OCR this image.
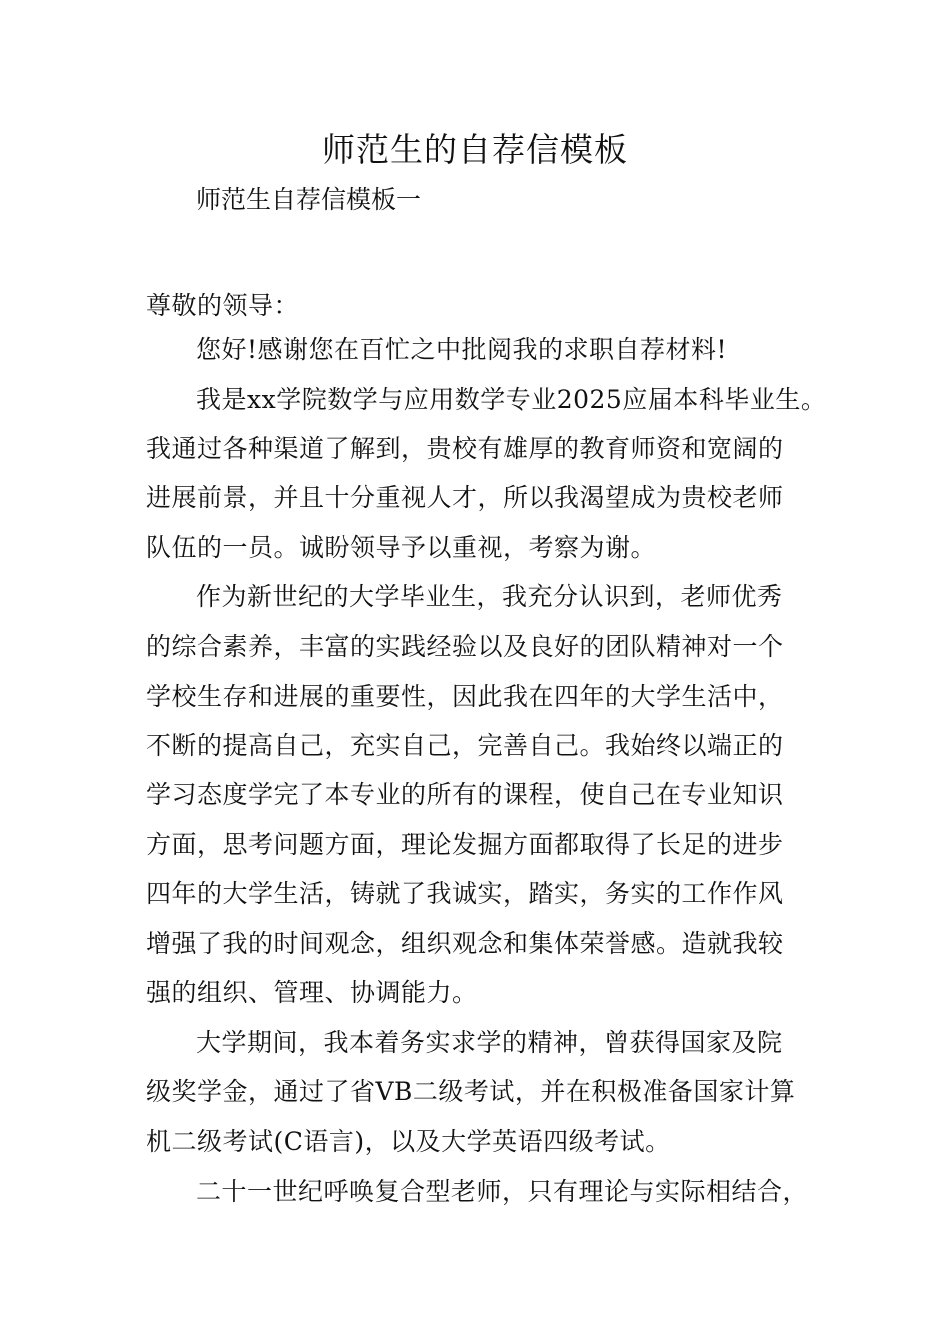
师范生的自荐信模板
师范生自荐信模板一
尊敬的领导：
您好!感谢您在百忙之中批阅我的求职自荐材料!
我是xx学院数学与应用数学专业2025应届本科毕业生。
我通过各种渠道了解到，贵校有雄厚的教育师资和宽阔的
进展前景，并且十分重视人才，所以我渴望成为贵校老师
队伍的一员。诚盼领导予以重视，考察为谢。
作为新世纪的大学毕业生，我充分认识到，老师优秀
的综合素养，丰富的实践经验以及良好的团队精神对一个
学校生存和进展的重要性，因此我在四年的大学生活中，
不断的提高自己，充实自己，完善自己。我始终以端正的
学习态度学完了本专业的所有的课程，使自己在专业知识
方面，思考问题方面，理论发掘方面都取得了长足的进步
四年的大学生活，铸就了我诚实，踏实，务实的工作作风
增强了我的时间观念，组织观念和集体荣誉感。造就我较
强的组织、管理、协调能力。
大学期间，我本着务实求学的精神，曾获得国家及院
级奖学金，通过了省VB二级考试，并在积极准备国家计算
机二级考试(C语言)，以及大学英语四级考试。
二十一世纪呼唤复合型老师，只有理论与实际相结合，
